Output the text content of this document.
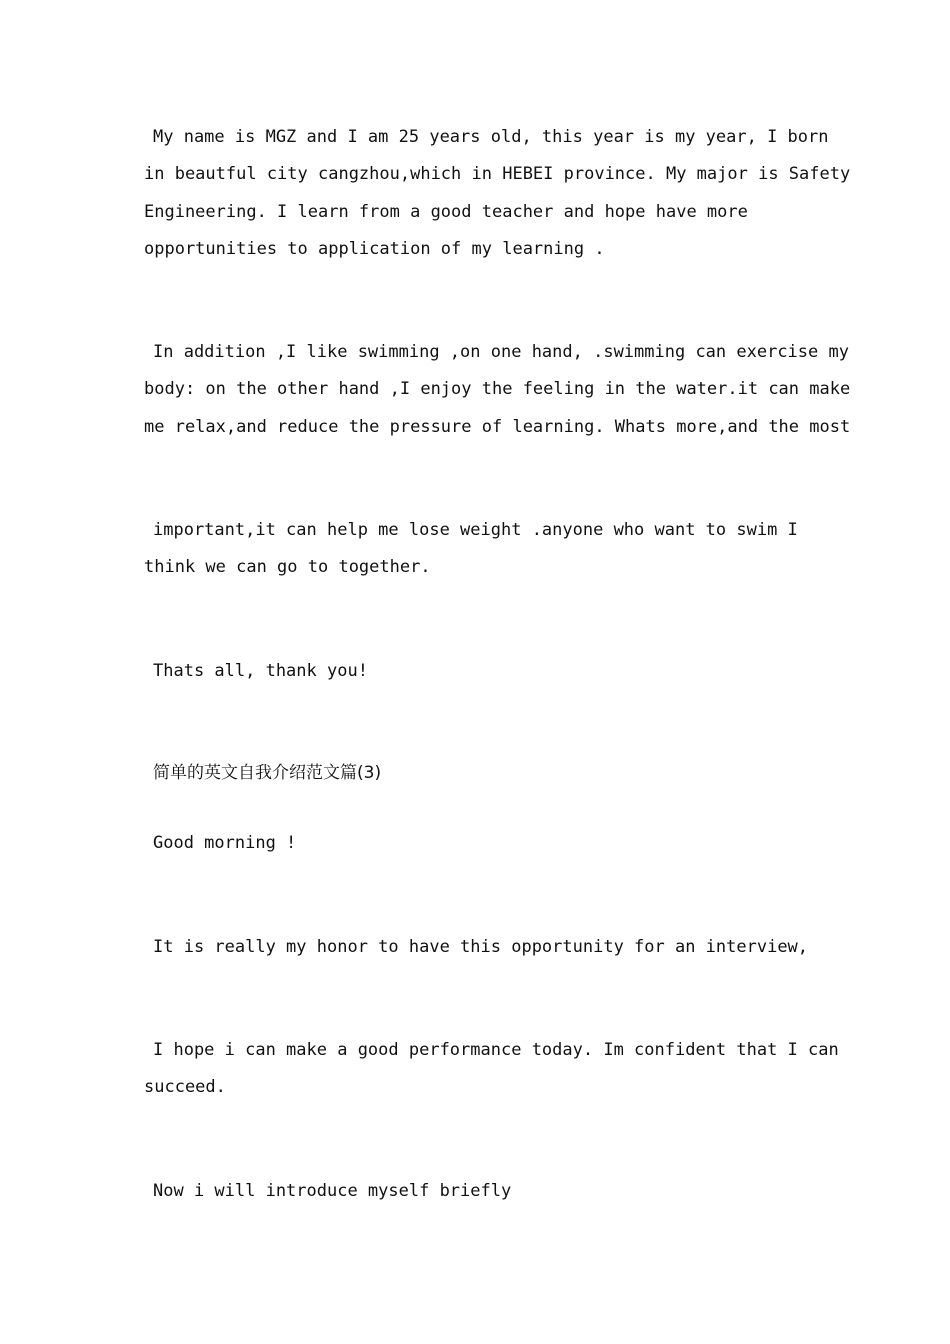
My name is MGZ and I am 25 years old, this year is my year, I born
in beautful city cangzhou,which in HEBEI province. My major is Safety
Engineering. I learn from a good teacher and hope have more
opportunities to application of my learning .
In addition ,I like swimming ,on one hand, .swimming can exercise my
body: on the other hand ,I enjoy the feeling in the water.it can make
me relax,and reduce the pressure of learning. Whats more,and the most
important,it can help me lose weight .anyone who want to swim I
think we can go to together.
Thats all, thank you!
简单的英文自我介绍范文篇(3)
Good morning !
It is really my honor to have this opportunity for an interview,
I hope i can make a good performance today. Im confident that I can
succeed.
Now i will introduce myself briefly
